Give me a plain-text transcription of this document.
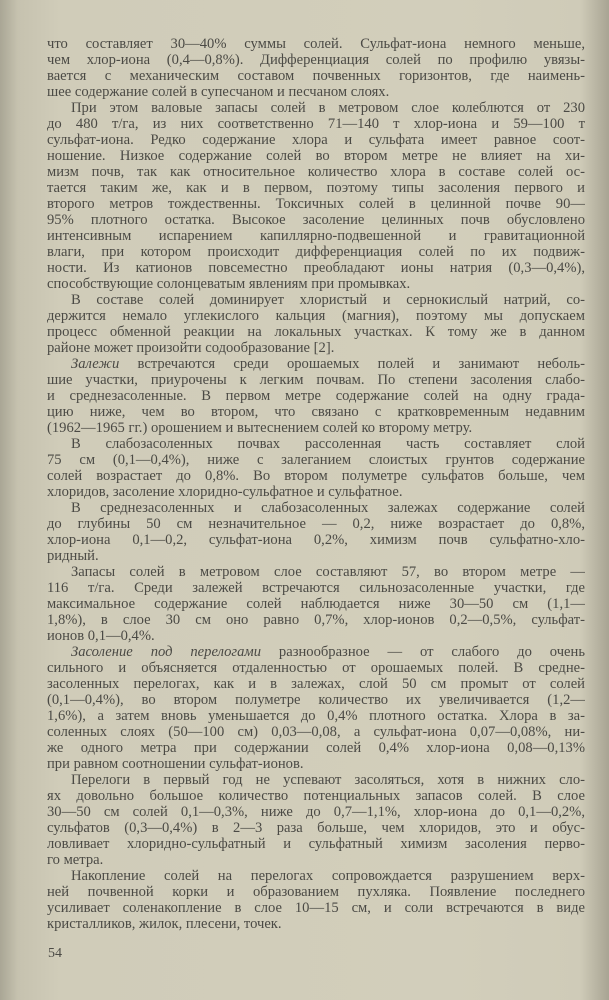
что составляет 30—40% суммы солей. Сульфат-иона немного меньше,
чем хлор-иона (0,4—0,8%). Дифференциация солей по профилю увязы-
вается с механическим составом почвенных горизонтов, где наимень-
шее содержание солей в супесчаном и песчаном слоях.
При этом валовые запасы солей в метровом слое колеблются от 230
до 480 т/га, из них соответственно 71—140 т хлор-иона и 59—100 т
сульфат-иона. Редко содержание хлора и сульфата имеет равное соот-
ношение. Низкое содержание солей во втором метре не влияет на хи-
мизм почв, так как относительное количество хлора в составе солей ос-
тается таким же, как и в первом, поэтому типы засоления первого и
второго метров тождественны. Токсичных солей в целинной почве 90—
95% плотного остатка. Высокое засоление целинных почв обусловлено
интенсивным испарением капиллярно-подвешенной и гравитационной
влаги, при котором происходит дифференциация солей по их подвиж-
ности. Из катионов повсеместно преобладают ионы натрия (0,3—0,4%),
способствующие солонцеватым явлениям при промывках.
В составе солей доминирует хлористый и сернокислый натрий, со-
держится немало углекислого кальция (магния), поэтому мы допускаем
процесс обменной реакции на локальных участках. К тому же в данном
районе может произойти содообразование [2].
Залежи встречаются среди орошаемых полей и занимают неболь-
шие участки, приурочены к легким почвам. По степени засоления слабо-
и среднезасоленные. В первом метре содержание солей на одну града-
цию ниже, чем во втором, что связано с кратковременным недавним
(1962—1965 гг.) орошением и вытеснением солей ко второму метру.
В слабозасоленных почвах рассоленная часть составляет слой
75 см (0,1—0,4%), ниже с залеганием слоистых грунтов содержание
солей возрастает до 0,8%. Во втором полуметре сульфатов больше, чем
хлоридов, засоление хлоридно-сульфатное и сульфатное.
В среднезасоленных и слабозасоленных залежах содержание солей
до глубины 50 см незначительное — 0,2, ниже возрастает до 0,8%,
хлор-иона 0,1—0,2, сульфат-иона 0,2%, химизм почв сульфатно-хло-
ридный.
Запасы солей в метровом слое составляют 57, во втором метре —
116 т/га. Среди залежей встречаются сильнозасоленные участки, где
максимальное содержание солей наблюдается ниже 30—50 см (1,1—
1,8%), в слое 30 см оно равно 0,7%, хлор-ионов 0,2—0,5%, сульфат-
ионов 0,1—0,4%.
Засоление под перелогами разнообразное — от слабого до очень
сильного и объясняется отдаленностью от орошаемых полей. В средне-
засоленных перелогах, как и в залежах, слой 50 см промыт от солей
(0,1—0,4%), во втором полуметре количество их увеличивается (1,2—
1,6%), а затем вновь уменьшается до 0,4% плотного остатка. Хлора в за-
соленных слоях (50—100 см) 0,03—0,08, а сульфат-иона 0,07—0,08%, ни-
же одного метра при содержании солей 0,4% хлор-иона 0,08—0,13%
при равном соотношении сульфат-ионов.
Перелоги в первый год не успевают засоляться, хотя в нижних сло-
ях довольно большое количество потенциальных запасов солей. В слое
30—50 см солей 0,1—0,3%, ниже до 0,7—1,1%, хлор-иона до 0,1—0,2%,
сульфатов (0,3—0,4%) в 2—3 раза больше, чем хлоридов, это и обус-
ловливает хлоридно-сульфатный и сульфатный химизм засоления перво-
го метра.
Накопление солей на перелогах сопровождается разрушением верх-
ней почвенной корки и образованием пухляка. Появление последнего
усиливает соленакопление в слое 10—15 см, и соли встречаются в виде
кристалликов, жилок, плесени, точек.
54
